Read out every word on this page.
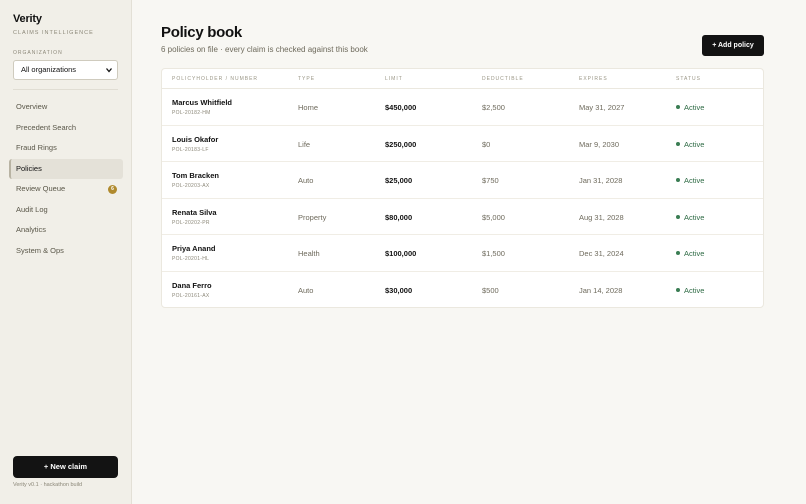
Verity
CLAIMS INTELLIGENCE
ORGANIZATION
All organizations
Overview
Precedent Search
Fraud Rings
Policies
Review Queue	6
Audit Log
Analytics
System & Ops
+ New claim
Verity v0.1 · hackathon build
Policy book
6 policies on file · every claim is checked against this book	+ Add policy
POLICYHOLDER / NUMBER	TYPE	LIMIT	DEDUCTIBLE	EXPIRES	STATUS
Marcus Whitfield
POL-20182-HM
Home	$450,000	$2,500	May 31, 2027	Active
Louis Okafor
POL-20183-LF
Life	$250,000	$0	Mar 9, 2030	Active
Tom Bracken
POL-20203-AX
Auto	$25,000	$750	Jan 31, 2028	Active
Renata Silva
POL-20202-PR
Property	$80,000	$5,000	Aug 31, 2028	Active
Priya Anand
POL-20201-HL
Health	$100,000	$1,500	Dec 31, 2024	Active
Dana Ferro
POL-20161-AX
Auto	$30,000	$500	Jan 14, 2028	Active
